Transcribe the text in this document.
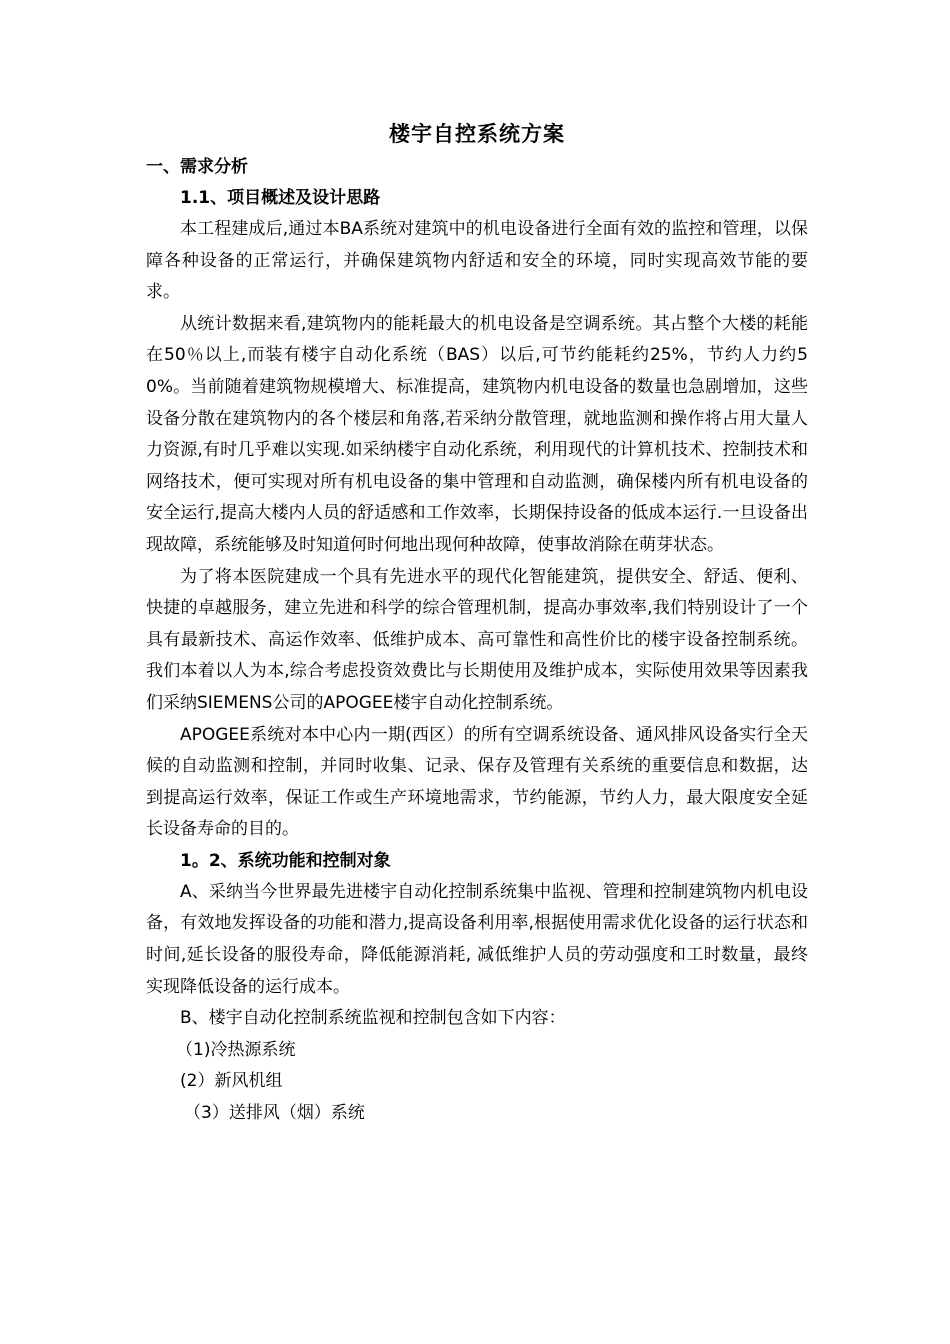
楼宇自控系统方案
一、需求分析
1.1、项目概述及设计思路

本工程建成后,通过本BA系统对建筑中的机电设备进行全面有效的监控和管理，以保障各种设备的正常运行，并确保建筑物内舒适和安全的环境，同时实现高效节能的要求。

从统计数据来看,建筑物内的能耗最大的机电设备是空调系统。其占整个大楼的耗能在50％以上,而装有楼宇自动化系统（BAS）以后,可节约能耗约25%，节约人力约50%。当前随着建筑物规模增大、标准提高，建筑物内机电设备的数量也急剧增加，这些设备分散在建筑物内的各个楼层和角落,若采纳分散管理，就地监测和操作将占用大量人力资源,有时几乎难以实现.如采纳楼宇自动化系统，利用现代的计算机技术、控制技术和网络技术，便可实现对所有机电设备的集中管理和自动监测，确保楼内所有机电设备的安全运行,提高大楼内人员的舒适感和工作效率，长期保持设备的低成本运行.一旦设备出现故障，系统能够及时知道何时何地出现何种故障，使事故消除在萌芽状态。

为了将本医院建成一个具有先进水平的现代化智能建筑，提供安全、舒适、便利、快捷的卓越服务，建立先进和科学的综合管理机制，提高办事效率,我们特别设计了一个具有最新技术、高运作效率、低维护成本、高可靠性和高性价比的楼宇设备控制系统。我们本着以人为本,综合考虑投资效费比与长期使用及维护成本，实际使用效果等因素我们采纳SIEMENS公司的APOGEE楼宇自动化控制系统。

APOGEE系统对本中心内一期(西区）的所有空调系统设备、通风排风设备实行全天候的自动监测和控制，并同时收集、记录、保存及管理有关系统的重要信息和数据，达到提高运行效率，保证工作或生产环境地需求，节约能源，节约人力，最大限度安全延长设备寿命的目的。

1。2、系统功能和控制对象

A、采纳当今世界最先进楼宇自动化控制系统集中监视、管理和控制建筑物内机电设备，有效地发挥设备的功能和潜力,提高设备利用率,根据使用需求优化设备的运行状态和时间,延长设备的服役寿命，降低能源消耗, 减低维护人员的劳动强度和工时数量，最终实现降低设备的运行成本。

B、楼宇自动化控制系统监视和控制包含如下内容：

（1)冷热源系统
(2）新风机组
（3）送排风（烟）系统
